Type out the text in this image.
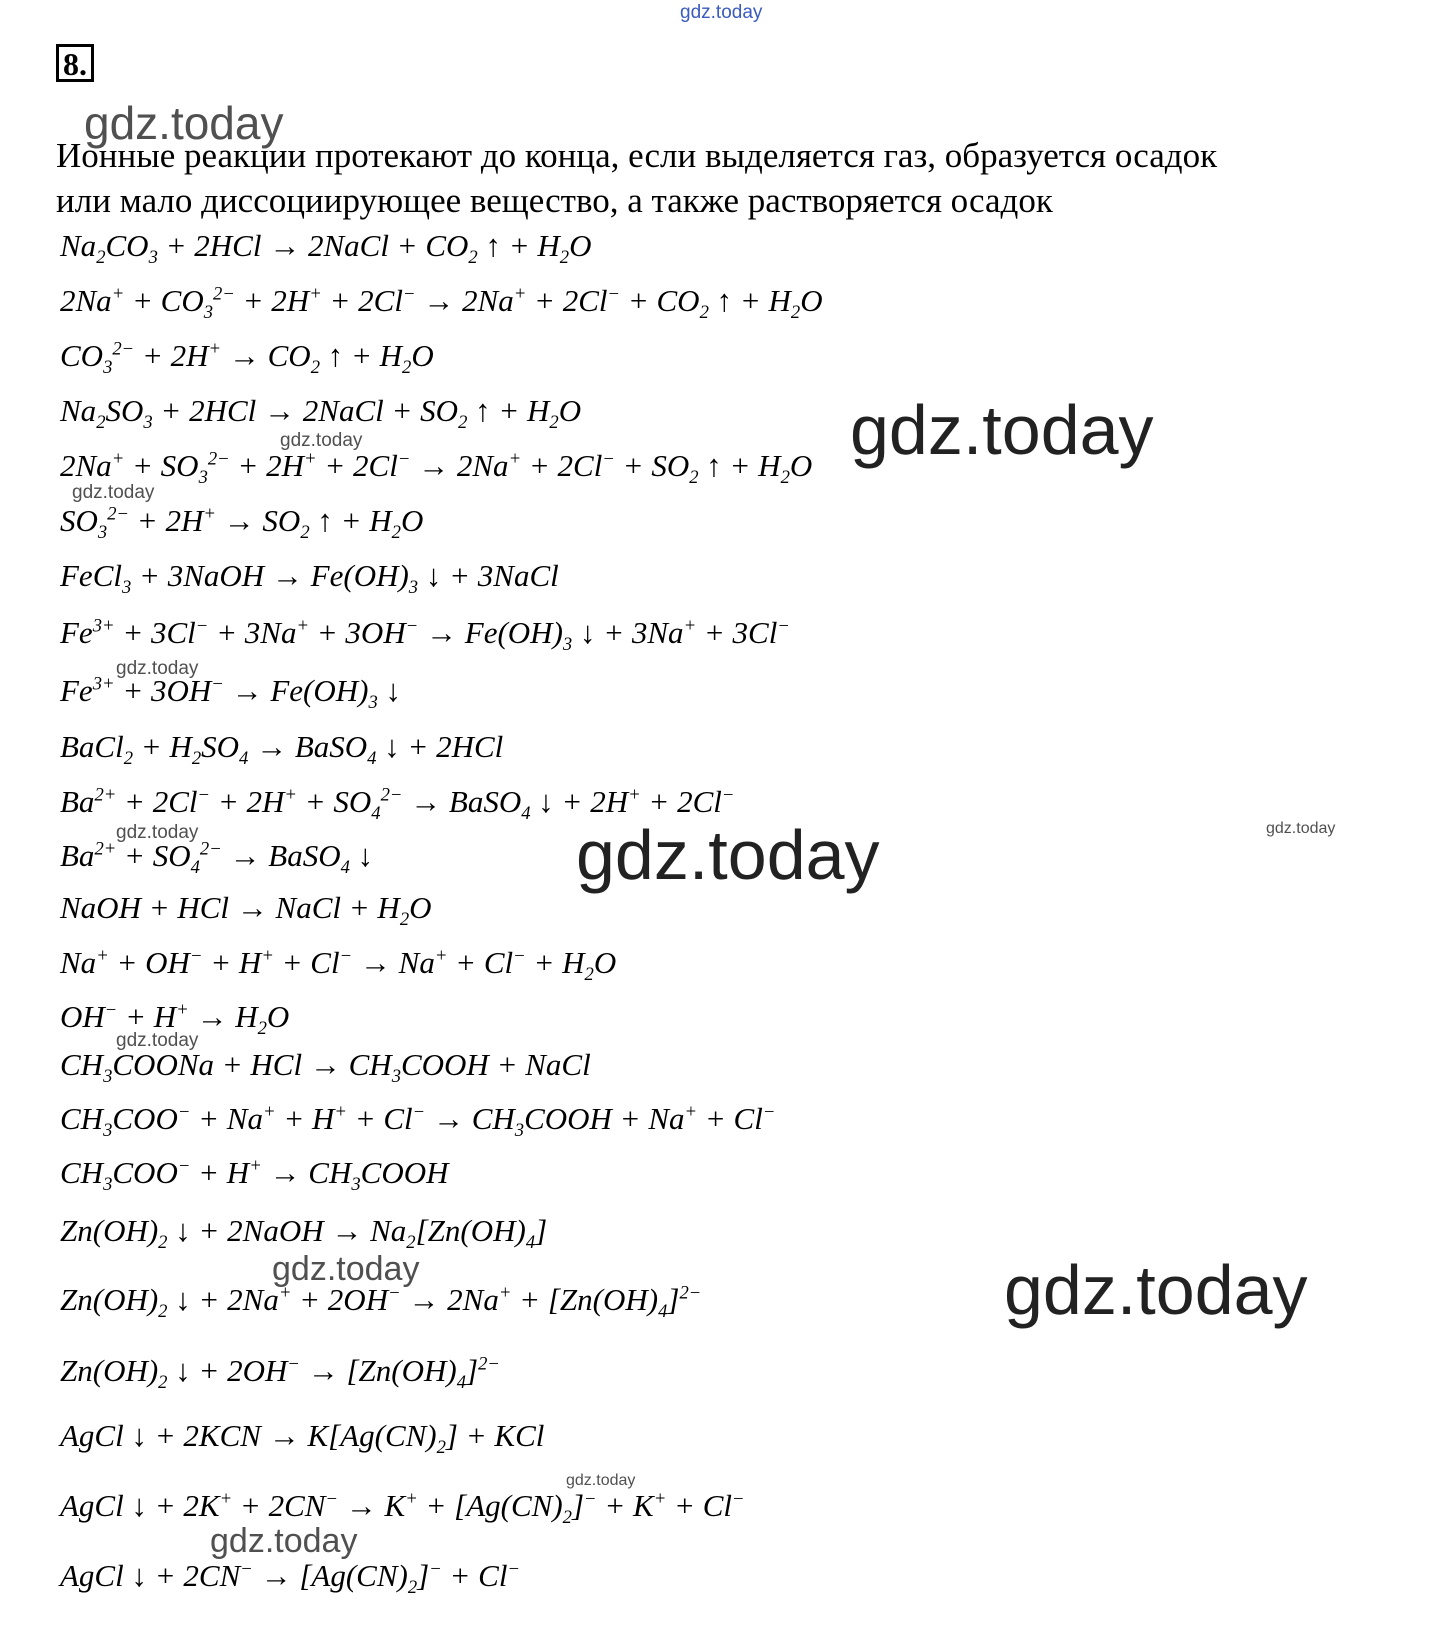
gdz.today
gdz.today
gdz.today
gdz.today
gdz.today
gdz.today
gdz.today	gdz.today
gdz.today
gdz.today
gdz.today	gdz.today
gdz.today
gdz.today
8.
Ионные реакции протекают до конца, если выделяется газ, образуется осадок
или мало диссоциирующее вещество, а также растворяется осадок
$Na_2CO_3 + 2HCl$ → 2NaCl + $CO_2$ ↑ + $H_2O$
$2Na^+ + CO_3^{2-} + 2H^+ + 2Cl^- \to 2Na^+ + 2Cl^- + CO_2$ ↑ + $H_2O$
$CO_3^{2-} + 2H^+ \to CO_2$ ↑ + $H_2O$
$Na_2SO_3 + 2HCl$ → 2NaCl + $SO_2$ ↑ + $H_2O$
$2Na^+ + SO_3^{2-} + 2H^+ + 2Cl^- \to 2Na^+ + 2Cl^- + SO_2$ ↑ + $H_2O$
$SO_3^{2-} + 2H^+ \to SO_2$ ↑ + $H_2O$
FeCl$_3$ + 3NaOH → $Fe(OH)_3$ ↓ + 3NaCl
$Fe^{3+} + 3Cl^- + 3Na^+ + 3OH^- \to Fe(OH)_3$ ↓ + 3Na+ + 3Cl−
$Fe^{3+} + 3OH^- \to Fe(OH)_3$ ↓
BaCl$_2$ + $H_2SO_4$ → BaSO$_4$ ↓ + 2HCl
$Ba^{2+} + 2Cl^- + 2H^+ + SO_4^{2-}$ → BaSO$_4$ ↓ + 2H+ + 2Cl−
$Ba^{2+} + SO_4^{2-}$ → BaSO$_4$ ↓
NaOH + HCl → NaCl + $H_2O$
$Na^+ + OH^- + H^+ + Cl^- \to Na^+ + Cl^- + H_2O$
$OH^- + H^+ \to H_2O$
$CH_3COONa$ + HCl → $CH_3COOH$ + NaCl
$CH_3COO^- + Na^+ + H^+ + Cl^-$ → $CH_3COOH + Na^+ + Cl^-$
$CH_3COO^- + H^+$ → $CH_3COOH$
$Zn(OH)_2$ ↓ + 2NaOH → $Na_2[Zn(OH)_4]$
$Zn(OH)_2$ ↓ + $2Na^+ + 2OH^- \to 2Na^+ + [Zn(OH)_4]^{2-}$
$Zn(OH)_2$ ↓ + $2OH^- \to [Zn(OH)_4]^{2-}$
AgCl ↓ + $2KCN \to K[Ag(CN)_2]$ + KCl
AgCl ↓ + $2K^+ + 2CN^- \to K^+ + [Ag(CN)_2]^- + K^+ + Cl^-$
AgCl ↓ + $2CN^- \to [Ag(CN)_2]^- + Cl^-$
